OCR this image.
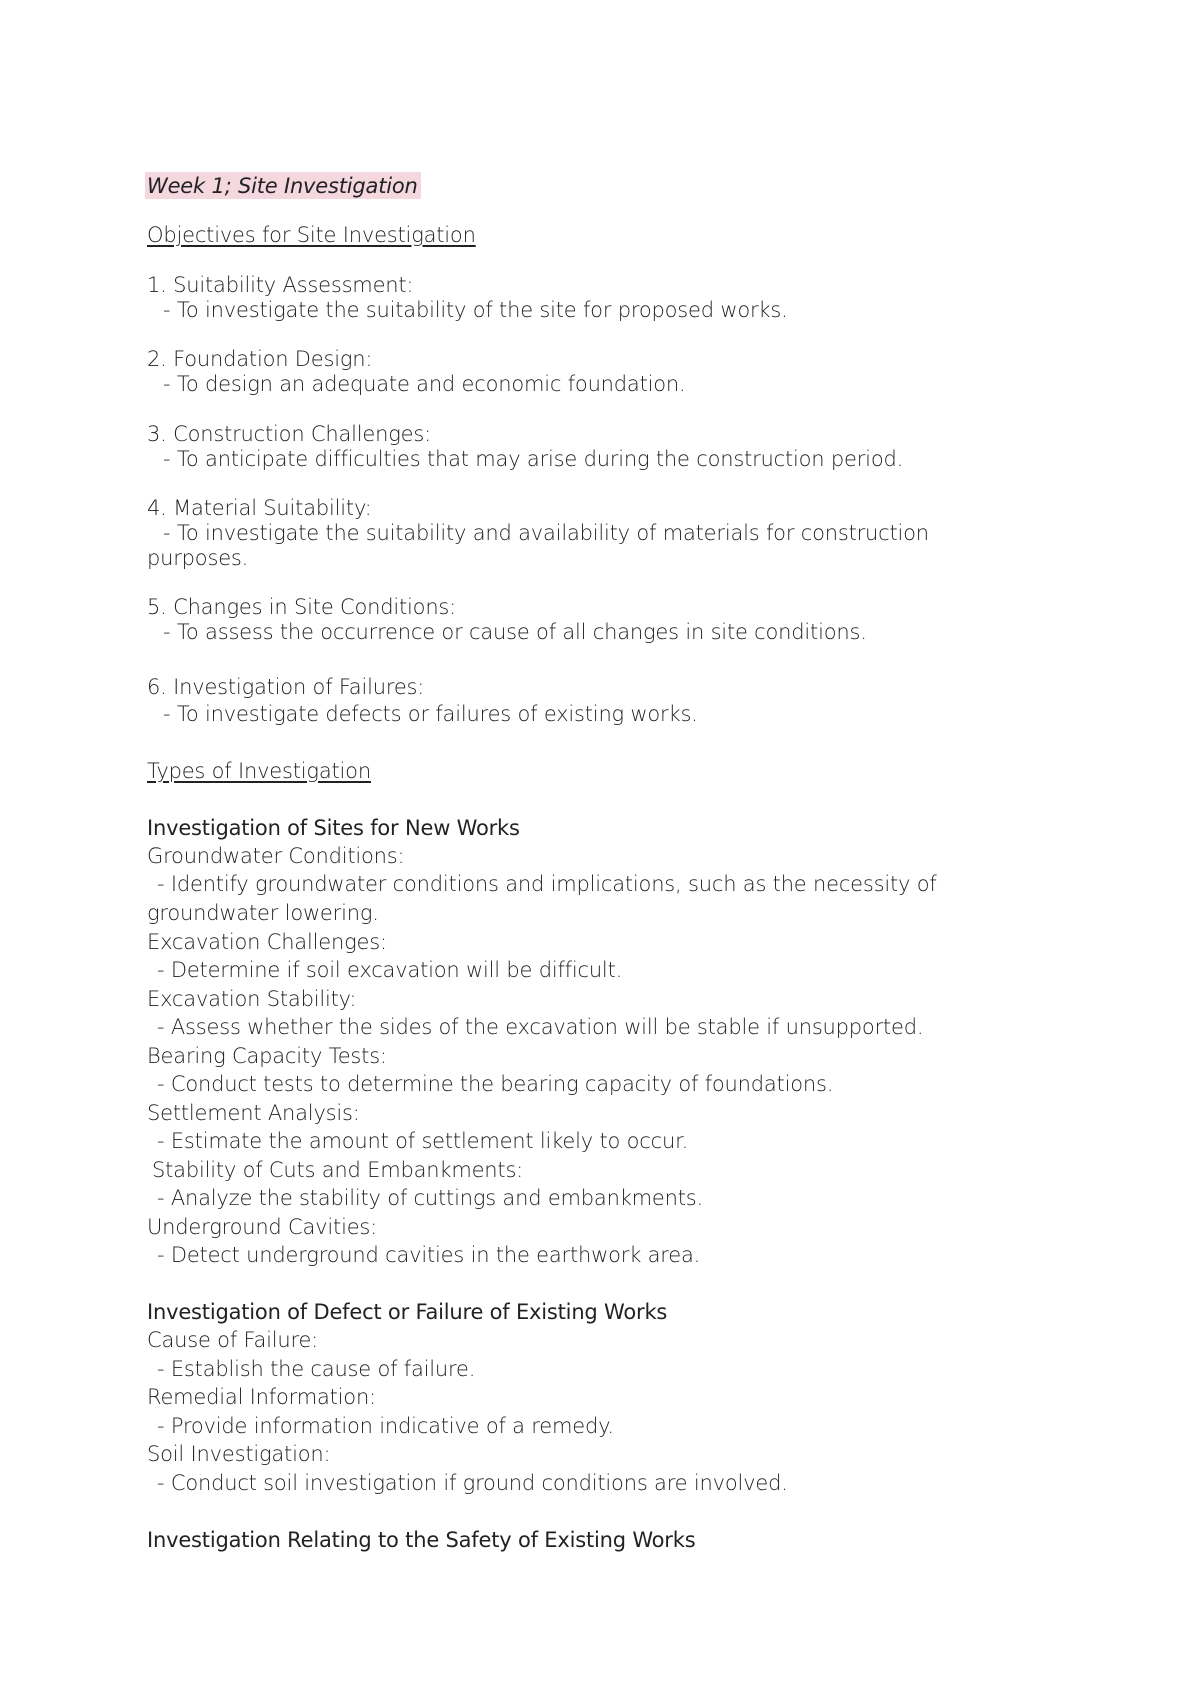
Week 1; Site Investigation
Objectives for Site Investigation
1. Suitability Assessment:
- To investigate the suitability of the site for proposed works.
2. Foundation Design:
- To design an adequate and economic foundation.
3. Construction Challenges:
- To anticipate difficulties that may arise during the construction period.
4. Material Suitability:
- To investigate the suitability and availability of materials for construction
purposes.
5. Changes in Site Conditions:
- To assess the occurrence or cause of all changes in site conditions.
6. Investigation of Failures:
- To investigate defects or failures of existing works.
Types of Investigation
Investigation of Sites for New Works
Groundwater Conditions:
- Identify groundwater conditions and implications, such as the necessity of
groundwater lowering.
Excavation Challenges:
- Determine if soil excavation will be difficult.
Excavation Stability:
- Assess whether the sides of the excavation will be stable if unsupported.
Bearing Capacity Tests:
- Conduct tests to determine the bearing capacity of foundations.
Settlement Analysis:
- Estimate the amount of settlement likely to occur.
Stability of Cuts and Embankments:
- Analyze the stability of cuttings and embankments.
Underground Cavities:
- Detect underground cavities in the earthwork area.
Investigation of Defect or Failure of Existing Works
Cause of Failure:
- Establish the cause of failure.
Remedial Information:
- Provide information indicative of a remedy.
Soil Investigation:
- Conduct soil investigation if ground conditions are involved.
Investigation Relating to the Safety of Existing Works
